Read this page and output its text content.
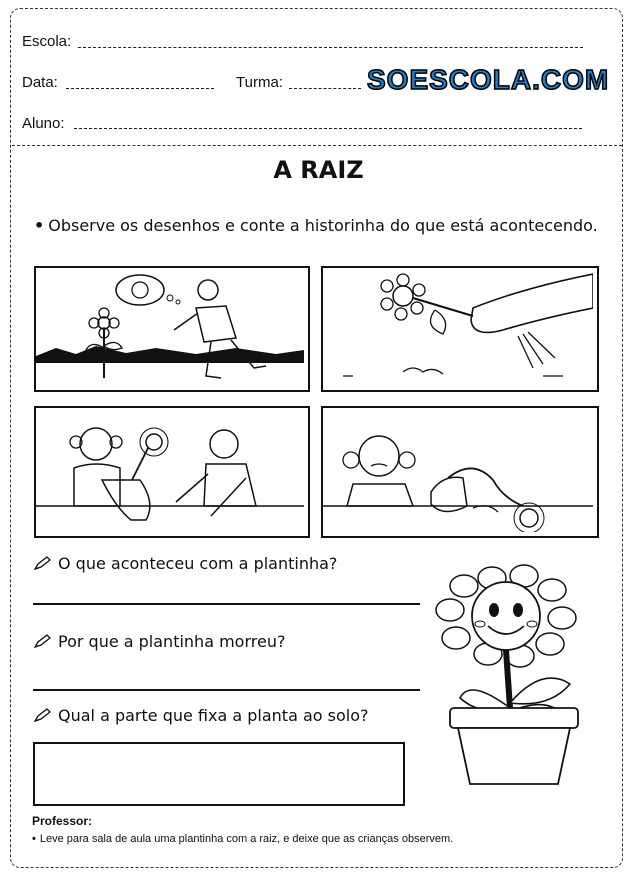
Escola:
Data:	Turma:	SOESCOLA.COM
Aluno:
A RAIZ
• Observe os desenhos e conte a historinha do que está acontecendo.
O que aconteceu com a plantinha?
Por que a plantinha morreu?
Qual a parte que fixa a planta ao solo?
Professor:
• Leve para sala de aula uma plantinha com a raiz, e deixe que as crianças observem.
